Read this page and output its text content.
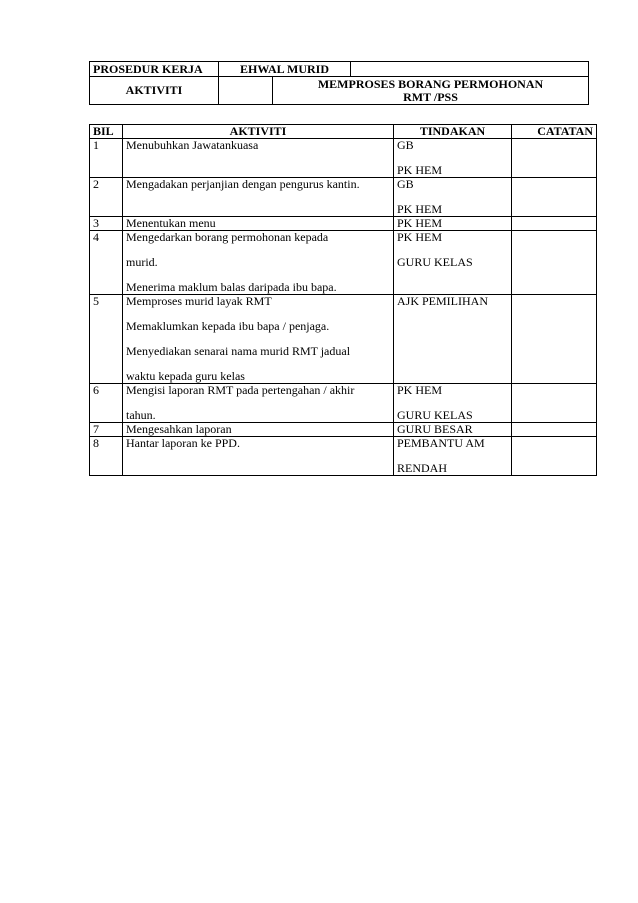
PROSEDUR KERJA	EHWAL MURID		
AKTIVITI		MEMPROSES BORANG PERMOHONAN
RMT /PSS	
BIL	AKTIVITI	TINDAKAN	CATATAN
1	Menubuhkan Jawatankuasa	GB
PK HEM	

2	Mengadakan perjanjian dengan pengurus kantin.	GB
PK HEM	

3	Menentukan menu	PK HEM	

4	Mengedarkan borang permohonan kepada
murid.
Menerima maklum balas daripada ibu bapa.	PK HEM
GURU KELAS	

5	Memproses murid layak RMT
Memaklumkan kepada ibu bapa / penjaga.
Menyediakan senarai nama murid RMT jadual
waktu kepada guru kelas	AJK PEMILIHAN	

6	Mengisi laporan RMT pada pertengahan / akhir
tahun.	PK HEM
GURU KELAS	

7	Mengesahkan laporan	GURU BESAR	

8	Hantar laporan ke PPD.	PEMBANTU AM
RENDAH	
